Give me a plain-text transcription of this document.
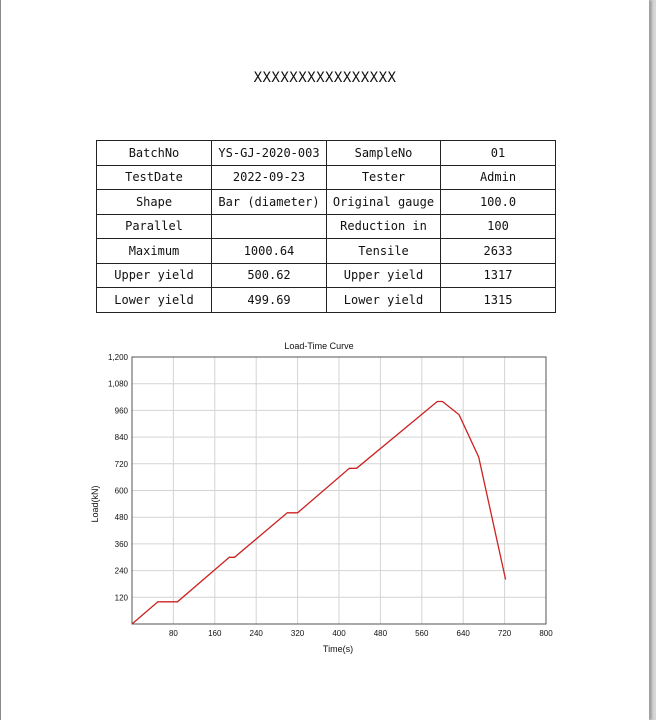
XXXXXXXXXXXXXXXX
BatchNo	YS-GJ-2020-003	SampleNo	01
TestDate	2022-09-23	Tester	Admin
Shape	Bar (diameter)	Original gauge	100.0
Parallel		Reduction in	100
Maximum	1000.64	Tensile	2633
Upper yield	500.62	Upper yield	1317
Lower yield	499.69	Lower yield	1315
Load-Time Curve
Time(s)
Load(kN)
80	160	240	320	400	480	560	640	720	800
120
240
360
480
600
720
840
960
1,080
1,200
